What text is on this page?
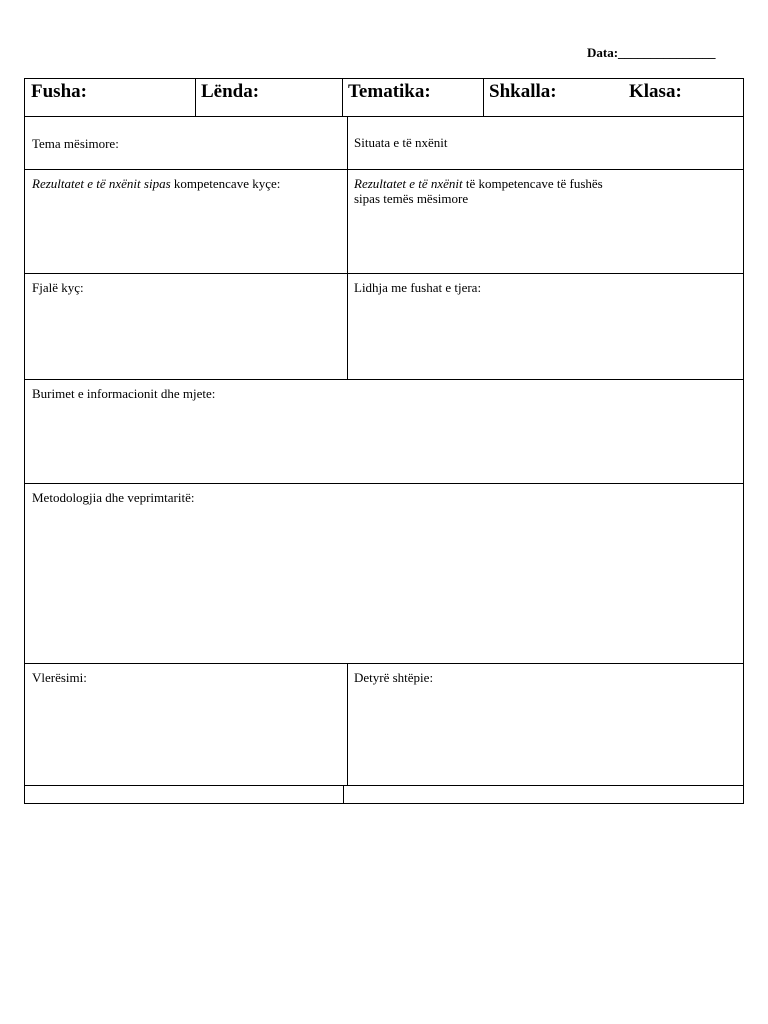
Data:_______________
Fusha:	Lënda:	Tematika:	Shkalla:	Klasa:
Tema mësimore:	Situata e të nxënit
Rezultatet e të nxënit sipas kompetencave kyçe:	Rezultatet e të nxënit të kompetencave të fushës
sipas temës mësimore
Fjalë kyç:	Lidhja me fushat e tjera:
Burimet e informacionit dhe mjete:
Metodologjia dhe veprimtaritë:
Vlerësimi:	Detyrë shtëpie:
